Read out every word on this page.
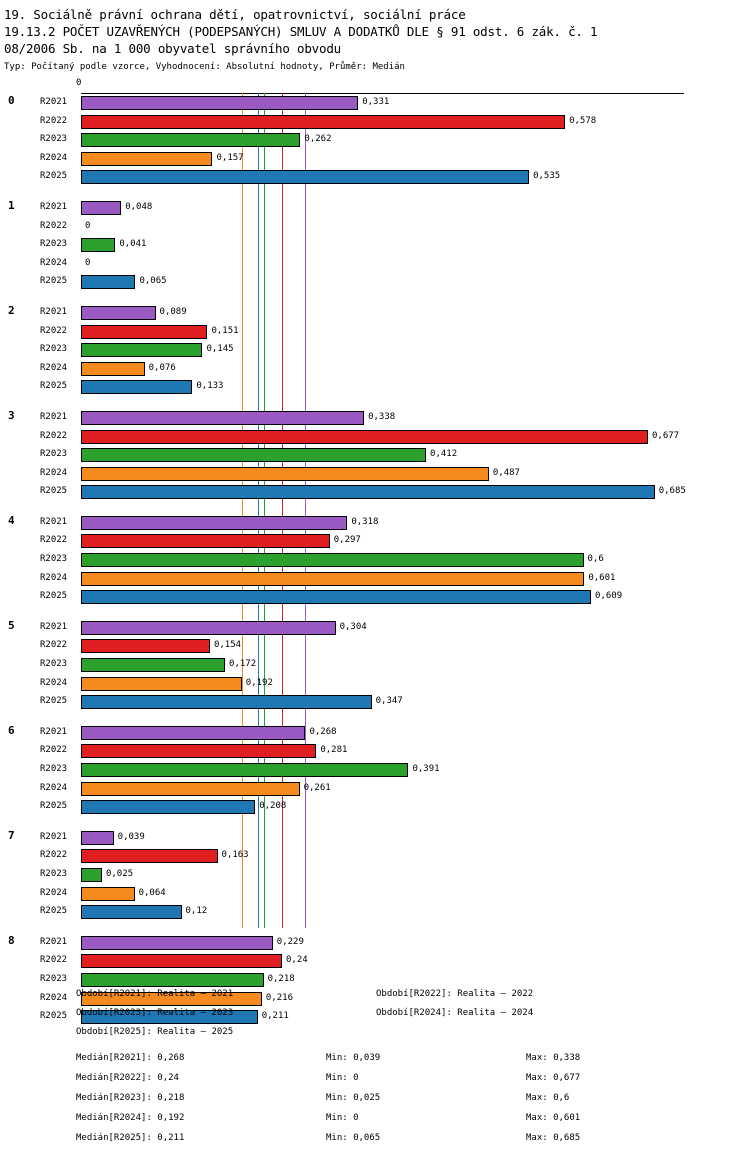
19. Sociálně právní ochrana dětí, opatrovnictví, sociální práce
19.13.2 POČET UZAVŘENÝCH (PODEPSANÝCH) SMLUV A DODATKŮ DLE § 91 odst. 6 zák. č. 1
08/2006 Sb. na 1 000 obyvatel správního obvodu
Typ: Počítaný podle vzorce, Vyhodnocení: Absolutní hodnoty, Průměr: Medián
0
0	R2021	0,331
R2022	0,578
R2023	0,262
R2024	0,157
R2025	0,535
1	R2021	0,048
R2022	0
R2023	0,041
R2024	0
R2025	0,065
2	R2021	0,089
R2022	0,151
R2023	0,145
R2024	0,076
R2025	0,133
3	R2021	0,338
R2022	0,677
R2023	0,412
R2024	0,487
R2025	0,685
4	R2021	0,318
R2022	0,297
R2023	0,6
R2024	0,601
R2025	0,609
5	R2021	0,304
R2022	0,154
R2023	0,172
R2024	0,192
R2025	0,347
6	R2021	0,268
R2022	0,281
R2023	0,391
R2024	0,261
R2025	0,208
7	R2021	0,039
R2022	0,163
R2023	0,025
R2024	0,064
R2025	0,12
8	R2021	0,229
R2022	0,24
R2023	0,218
R2024	0,216
R2025	0,211
Období[R2021]: Realita – 2021	Období[R2022]: Realita – 2022
Období[R2023]: Realita – 2023	Období[R2024]: Realita – 2024
Období[R2025]: Realita – 2025
Medián[R2021]: 0,268	Min: 0,039	Max: 0,338
Medián[R2022]: 0,24	Min: 0	Max: 0,677
Medián[R2023]: 0,218	Min: 0,025	Max: 0,6
Medián[R2024]: 0,192	Min: 0	Max: 0,601
Medián[R2025]: 0,211	Min: 0,065	Max: 0,685
